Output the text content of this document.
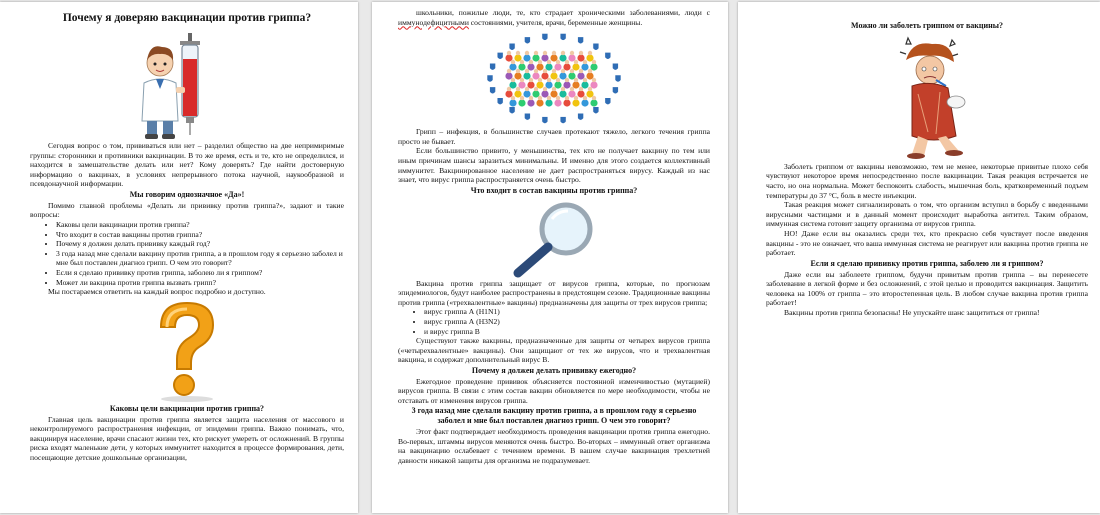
Почему я доверяю вакцинации против гриппа?

Сегодня вопрос о том, прививаться или нет – разделил общество на две непримиримые группы: сторонники и противники вакцинации. В то же время, есть и те, кто не определился, и находится в замешательстве делать или нет? Кому доверять? Где найти достоверную информацию о вакцинах, в условиях непрерывного потока научной, наукообразной и псевдонаучной информации.

Мы говорим однозначное «Да»!

Помимо главной проблемы «Делать ли прививку против гриппа?», задают и такие вопросы:

• Каковы цели вакцинации против гриппа?
• Что входит в состав вакцины против гриппа?
• Почему я должен делать прививку каждый год?
• 3 года назад мне сделали вакцину против гриппа, а в прошлом году я серьезно заболел и мне был поставлен диагноз грипп. О чем это говорит?
• Если я сделаю прививку против гриппа, заболею ли я гриппом?
• Может ли вакцина против гриппа вызвать грипп?

Мы постараемся ответить на каждый вопрос подробно и доступно.

Каковы цели вакцинации против гриппа?

Главная цель вакцинации против гриппа является защита населения от массового и неконтролируемого распространения инфекции, от эпидемии гриппа. Важно понимать, что, вакцинируя население, врачи спасают жизни тех, кто рискует умереть от осложнений. В группы риска входят маленькие дети, у которых иммунитет находится в процессе формирования, дети, посещающие детские дошкольные организации,

школьники, пожилые люди, те, кто страдает хроническими заболеваниями, люди с иммунодефицитными состояниями, учителя, врачи, беременные женщины.

Грипп – инфекция, в большинстве случаев протекают тяжело, легкого течения гриппа просто не бывает.

Если большинство привито, у меньшинства, тех кто не получает вакцину по тем или иным причинам шансы заразиться минимальны. И именно для этого создается коллективный иммунитет. Вакцинированное население не дает распространяться вирусу. Каждый из нас знает, что вирус гриппа распространяется очень быстро.

Что входит в состав вакцины против гриппа?

Вакцина против гриппа защищает от вирусов гриппа, которые, по прогнозам эпидемиологов, будут наиболее распространены в предстоящем сезоне. Традиционные вакцины против гриппа («трехвалентные» вакцины) предназначены для защиты от трех вирусов гриппа;

• вирус гриппа А (H1N1)
• вирус гриппа А (H3N2)
• и вирус гриппа В

Существуют также вакцины, предназначенные для защиты от четырех вирусов гриппа («четырехвалентные» вакцины). Они защищают от тех же вирусов, что и трехвалентная вакцина, и содержат дополнительный вирус В.

Почему я должен делать прививку ежегодно?

Ежегодное проведение прививок объясняется постоянной изменчивостью (мутацией) вирусов гриппа. В связи с этим состав вакцин обновляется по мере необходимости, чтобы не отставать от изменения вирусов гриппа.

3 года назад мне сделали вакцину против гриппа, а в прошлом году я серьезно заболел и мне был поставлен диагноз грипп. О чем это говорит?

Этот факт подтверждает необходимость проведения вакцинации против гриппа ежегодно. Во-первых, штаммы вирусов меняются очень быстро. Во-вторых – иммунный ответ организма на вакцинацию ослабевает с течением времени. В вашем случае вакцинация трехлетней давности никакой защиты для организма не подразумевает.

Можно ли заболеть гриппом от вакцины?

Заболеть гриппом от вакцины невозможно, тем не менее, некоторые привитые плохо себя чувствуют некоторое время непосредственно после вакцинации. Такая реакция встречается не часто, но она нормальна. Может беспокоить слабость, мышечная боль, кратковременный подъем температуры до 37 °С, боль в месте инъекции.

Такая реакция может сигнализировать о том, что организм вступил в борьбу с введенными вирусными частицами и в данный момент происходит выработка антител. Таким образом, иммунная система готовит защиту организма от вирусов гриппа.

НО! Даже если вы оказались среди тех, кто прекрасно себя чувствует после введения вакцины - это не означает, что ваша иммунная система не реагирует или вакцина против гриппа не работает.

Если я сделаю прививку против гриппа, заболею ли я гриппом?

Даже если вы заболеете гриппом, будучи привитым против гриппа – вы перенесете заболевание в легкой форме и без осложнений, с этой целью и проводится вакцинация. Защитить человека на 100% от гриппа – это второстепенная цель. В любом случае вакцина против гриппа работает!

Вакцины против гриппа безопасны! Не упускайте шанс защититься от гриппа!
